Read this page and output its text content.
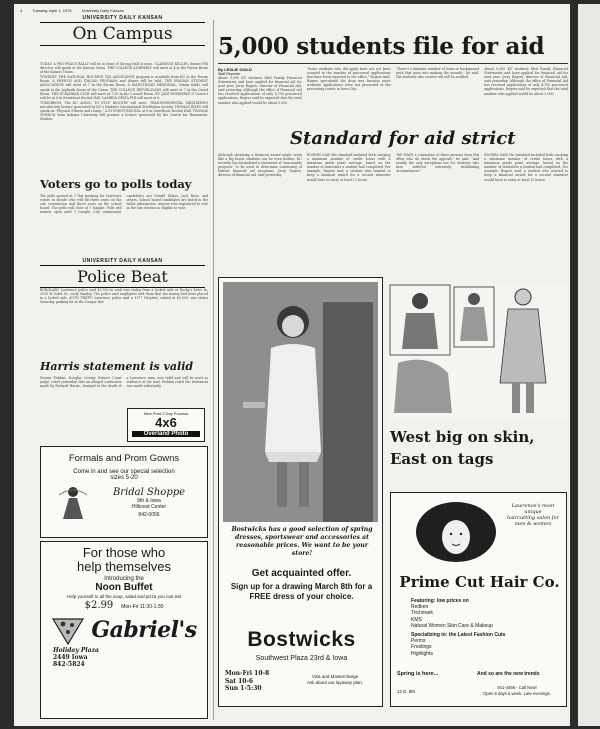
4	Tuesday, April 1, 1975	University Daily Kansan
UNIVERSITY DAILY KANSAN
On Campus

TODAY: A PRO-PEACE RALLY will be in front of Strong Hall at noon. CLARENCE KELLEY, former FBI director, will speak at the Kansas Union. THE COLLEGE ASSEMBLY will meet at 4 in the Forum Room of the Kansas Union.

TONIGHT: THE NATIONAL HOUSING TAX ASSISTANCE program is available from KU in the Forum Room. A FRENCH AND ITALIAN PROGRAM and dinner will be held. THE IRANIAN STUDENT ASSOCIATION will meet at 7 in the Forum Room. A PALESTINIAN MEMORIAL, Nizam Kabli, will speak in the Jayhawk Room of the Union. THE COLLEGE REPUBLICANS will meet at 7 in the Oread Room. THE ECKANKAR CLUB will meet at 7:30 in the Council Room. KU JAZZ ENSEMBLE II Concert will be at 8 in Swarthout Recital Hall. LAMBDA DELTA PHI will meet at 8.

TOMORROW: The KU ASSOC TO STOP BIGOTRY will meet. TRANSCENDENTAL MEDITATION introductory lecture sponsored by KU's Students International Meditation Society. THOMAS RILEY will speak on "Physical Fitness and Living." A STUDENT RECITAL at 8 in Swarthout Recital Hall. THOMAS GORDON from Indiana University will present a lecture sponsored by the Center for Humanistic Studies.

Voters go to polls today

The polls opened at 7 this morning for Lawrence voters to decide who will fill three seats on the city commission and three seats on the school board. The polls will close at 7 tonight. Polls will remain open until 7 tonight. City commission candidates are Gerald Slaker, Jack Rose, and others. School board candidates are listed in the ballot information. Anyone who registered to vote in the last election is eligible to vote.

UNIVERSITY DAILY KANSAN
Police Beat

BURGLARY: Lawrence police said $1,500 in cash was stolen from a locked safe at Rocky's Drive In, 3310 W. Sixth St., early Sunday. The police said employees told them that the money had been placed in a locked safe. AUTO THEFT: Lawrence police said a 1977 Chrysler, valued at $5,500, was stolen Saturday parking lot at the Cougar Bar.

Harris statement is valid

Dennis Fishkin, Douglas County District Court judge, ruled yesterday that an alleged confession made by Richard Harris, charged in the death of a Lawrence man, was valid and will be used as evidence at his trial. Fishkin ruled the statement was made voluntarily.

New Print 2 Day Process
4x6
Overland Photo
Formals and Prom Gowns
Come in and see our special selection
sizes 5-20
Bridal Shoppe
9th & Iowa
Hillcrest Center
842-0056
For those who
help themselves
Introducing the
Noon Buffet
Help yourself to all the soup, salad and pizza you can eat
$2.99 Mon-Fri 11:30-1:30
Gabriel's
Holiday Plaza
2449 Iowa
842-5824
5,000 students file for aid
By LESLIE GUILD
Staff Reporter

About 5,000 KU students filed Family Financial Statements and have applied for financial aid for next year, Jerry Rogers, director of Financial Aid, said yesterday. Although the office of Financial Aid has received applications of only 4,700 processed applications, Rogers said he expected that the total number who applied would be about 5,000.

"Some students who did apply have not yet been counted in the number of processed applications that have been reported to our office," Rogers said. Rogers speculated the drop was because more students' applications were not processed at the processing center in Iowa City.

"There's a fantastic number of loans or background work that goes into making the awards," he said. The students who receive aid will be notified.

About 5,000 KU students filed Family Financial Statements and have applied for financial aid for next year, Jerry Rogers, director of Financial Aid, said yesterday. Although the office of Financial Aid has received applications of only 4,700 processed applications, Rogers said he expected that the total number who applied would be about 5,000.

Standard for aid strict

Although obtaining a financial award might seem like a big boost, students can be even further. KU recently has formulated a statement of "reasonable progress" to be used to determine continuing of federal financial aid programs, Jerry Rogers, director of financial aid, said yesterday.

ROGERS SAID the standard included both carrying a minimum number of credit hours with a minimum grade point average, based on the number of semesters a student had completed. For example, Rogers said, a student who wanted to keep a financial award for a second semester would have to carry at least 12 hours.

"WE HAVE a committee of three persons from this office who do check the appeals," he said. "And usually the only exceptions are for students who have suffered extremely debilitating circumstances."

ROGERS SAID the standard included both carrying a minimum number of credit hours with a minimum grade point average, based on the number of semesters a student had completed. For example, Rogers said, a student who wanted to keep a financial award for a second semester would have to carry at least 12 hours.

Bostwicks has a good selection of spring dresses, sportswear and accessories at reasonable prices. We want to be your store!
Get acquainted offer.
Sign up for a drawing March 8th for a FREE dress of your choice.
Bostwicks
Southwest Plaza 23rd & Iowa
Mon-Fri 10-8
Sat 10-6
Sun 1-5:30
Visa and Mastercharge
Ask about our layaway plan.
West big on skin,
East on tags
Lawrence's most unique
haircutting salon for men & women
Prime Cut Hair Co.
Featuring: low prices on
Redken
Trichmark
KMS
Natural Women Skin Care & Makeup
Specializing in: the Latest Fashion Cuts
Perms
Frostings
Highlights
Spring is here...	And so are the new trends
12 E. 8th
841-4466 - Call Now!
Open 6 days a week. Late evenings.
